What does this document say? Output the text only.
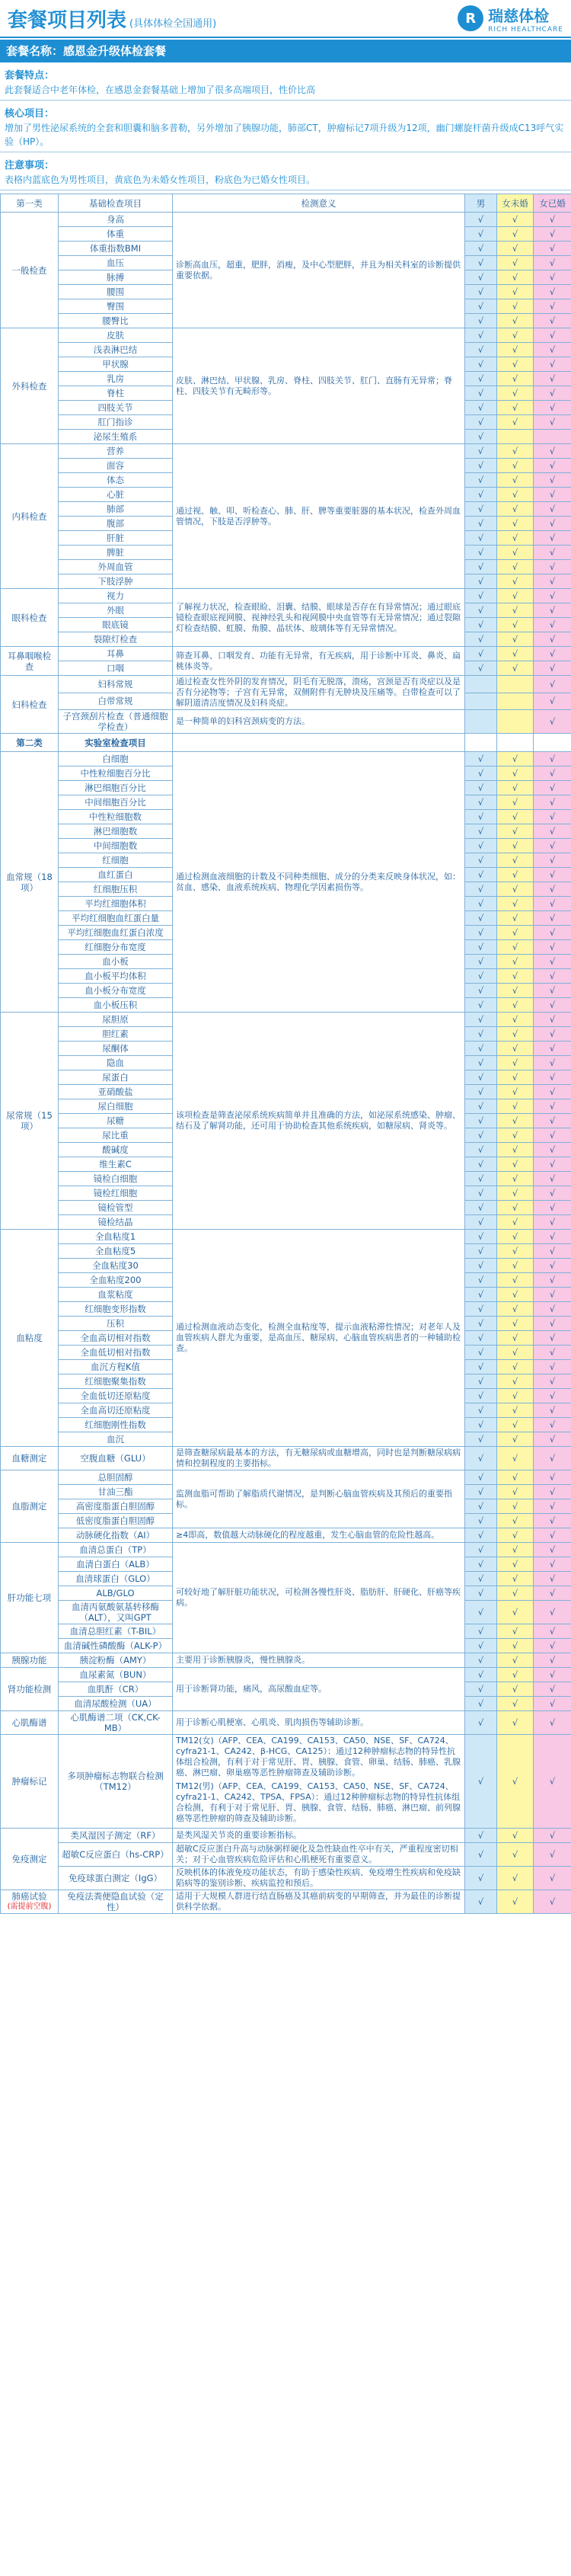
套餐项目列表 (具体体检全国通用)	R 瑞慈体检
RICH HEALTHCARE
套餐名称：感恩金升级体检套餐
套餐特点：
此套餐适合中老年体检，在感恩金套餐基础上增加了很多高端项目，性价比高
核心项目：
增加了男性泌尿系统的全套和胆囊和脑多普勒，另外增加了胰腺功能，肺部CT，肿瘤标记7项升级为12项，幽门螺旋杆菌升级成C13呼气实验（HP）。
注意事项：
表格内蓝底色为男性项目，黄底色为未婚女性项目，粉底色为已婚女性项目。
第一类	基础检查项目	检测意义	男	女未婚	女已婚
一般检查	身高	诊断高血压，超重，肥胖，消瘦，及中心型肥胖，并且为相关科室的诊断提供重要依据。	√	√	√
	体重		√	√	√
	体重指数BMI		√	√	√
	血压		√	√	√
	脉搏		√	√	√
	腰围		√	√	√
	臀围		√	√	√
	腰臀比		√	√	√
外科检查	皮肤	皮肤、淋巴结、甲状腺、乳房、脊柱、四肢关节、肛门、直肠有无异常；脊柱、四肢关节有无畸形等。	√	√	√
	浅表淋巴结		√	√	√
	甲状腺		√	√	√
	乳房		√	√	√
	脊柱		√	√	√
	四肢关节		√	√	√
	肛门指诊		√	√	√
	泌尿生殖系		√		
内科检查	营养	通过视、触、叩、听检查心、肺、肝、脾等重要脏器的基本状况，检查外周血管情况，下肢是否浮肿等。	√	√	√
	面容		√	√	√
	体态		√	√	√
	心脏		√	√	√
	肺部		√	√	√
	腹部		√	√	√
	肝脏		√	√	√
	脾脏		√	√	√
	外周血管		√	√	√
	下肢浮肿		√	√	√
眼科检查	视力	了解视力状况，检查眼睑、泪囊、结膜、眼球是否存在有异常情况；通过眼底镜检查眼底视网膜、视神经乳头和视网膜中央血管等有无异常情况；通过裂隙灯检查结膜、虹膜、角膜、晶状体、玻璃体等有无异常情况。	√	√	√
	外眼		√	√	√
	眼底镜		√	√	√
	裂隙灯检查		√	√	√
耳鼻咽喉检查	耳鼻	筛查耳鼻、口咽发育、功能有无异常，有无疾病，用于诊断中耳炎、鼻炎、扁桃体炎等。	√	√	√
	口咽		√	√	√
妇科检查	妇科常规	通过检查女性外阴的发育情况，阴毛有无脱落，溃疡，宫颈是否有炎症以及是否有分泌物等；子宫有无异常，双侧附件有无肿块及压痛等。白带检查可以了解阴道清洁度情况及妇科炎症。			√
	白带常规				√
	子宫颈刮片检查（普通细胞学检查）	是一种简单的妇科宫颈病变的方法。			√
第二类	实验室检查项目				
血常规（18项）	白细胞	通过检测血液细胞的计数及不同种类细胞、成分的分类来反映身体状况，如：贫血、感染、血液系统疾病、物理化学因素损伤等。	√	√	√
	中性粒细胞百分比		√	√	√
	淋巴细胞百分比		√	√	√
	中间细胞百分比		√	√	√
	中性粒细胞数		√	√	√
	淋巴细胞数		√	√	√
	中间细胞数		√	√	√
	红细胞		√	√	√
	血红蛋白		√	√	√
	红细胞压积		√	√	√
	平均红细胞体积		√	√	√
	平均红细胞血红蛋白量		√	√	√
	平均红细胞血红蛋白浓度		√	√	√
	红细胞分布宽度		√	√	√
	血小板		√	√	√
	血小板平均体积		√	√	√
	血小板分布宽度		√	√	√
	血小板压积		√	√	√
尿常规（15项）	尿胆原	该项检查是筛查泌尿系统疾病简单并且准确的方法，如泌尿系统感染、肿瘤、结石及了解肾功能，还可用于协助检查其他系统疾病，如糖尿病、肾炎等。	√	√	√
	胆红素		√	√	√
	尿酮体		√	√	√
	隐血		√	√	√
	尿蛋白		√	√	√
	亚硝酸盐		√	√	√
	尿白细胞		√	√	√
	尿糖		√	√	√
	尿比重		√	√	√
	酸碱度		√	√	√
	维生素C		√	√	√
	镜检白细胞		√	√	√
	镜检红细胞		√	√	√
	镜检管型		√	√	√
	镜检结晶		√	√	√
血粘度	全血粘度1	通过检测血液动态变化，检测全血粘度等，提示血液粘滞性情况；对老年人及血管疾病人群尤为重要，是高血压、糖尿病、心脑血管疾病患者的一种辅助检查。	√	√	√
	全血粘度5		√	√	√
	全血粘度30		√	√	√
	全血粘度200		√	√	√
	血浆粘度		√	√	√
	红细胞变形指数		√	√	√
	压积		√	√	√
	全血高切相对指数		√	√	√
	全血低切相对指数		√	√	√
	血沉方程K值		√	√	√
	红细胞聚集指数		√	√	√
	全血低切还原粘度		√	√	√
	全血高切还原粘度		√	√	√
	红细胞刚性指数		√	√	√
	血沉		√	√	√
血糖测定	空腹血糖（GLU）	是筛查糖尿病最基本的方法，有无糖尿病或血糖增高，同时也是判断糖尿病病情和控制程度的主要指标。	√	√	√
血脂测定	总胆固醇	监测血脂可帮助了解脂质代谢情况，是判断心脑血管疾病及其预后的重要指标。	√	√	√
	甘油三酯		√	√	√
	高密度脂蛋白胆固醇		√	√	√
	低密度脂蛋白胆固醇		√	√	√
	动脉硬化指数（AI）	≥4即高，数值越大动脉硬化的程度越重，发生心脑血管的危险性越高。	√	√	√
肝功能七项	血清总蛋白（TP）	可较好地了解肝脏功能状况，可检测各慢性肝炎、脂肪肝、肝硬化、肝癌等疾病。	√	√	√
	血清白蛋白（ALB）		√	√	√
	血清球蛋白（GLO）		√	√	√
	ALB/GLO		√	√	√
	血清丙氨酸氨基转移酶（ALT），又叫GPT		√	√	√
	血清总胆红素（T-BIL）		√	√	√
	血清碱性磷酸酶（ALK-P）		√	√	√
胰腺功能	胰淀粉酶（AMY）	主要用于诊断胰腺炎，慢性胰腺炎。	√	√	√
肾功能检测	血尿素氮（BUN）	用于诊断肾功能，痛风，高尿酸血症等。	√	√	√
	血肌酐（CR）		√	√	√
	血清尿酸检测（UA）		√	√	√
心肌酶谱	心肌酶谱二项（CK,CK-MB）	用于诊断心肌梗塞、心肌炎、肌肉损伤等辅助诊断。	√	√	√
肿瘤标记	多项肿瘤标志物联合检测（TM12）	TM12(女)（AFP、CEA、CA199、CA153、CA50、NSE、SF、CA724、cyfra21-1、CA242、β-HCG、CA125）：通过12种肿瘤标志物的特异性抗体组合检测，有利于对于常见肝、胃、胰腺、食管、卵巢、结肠、肺癌、乳腺癌、淋巴瘤、卵巢癌等恶性肿瘤筛查及辅助诊断。
TM12(男)（AFP、CEA、CA199、CA153、CA50、NSE、SF、CA724、cyfra21-1、CA242、TPSA、FPSA）：通过12种肿瘤标志物的特异性抗体组合检测，有利于对于常见肝、胃、胰腺、食管、结肠、肺癌、淋巴瘤、前列腺癌等恶性肿瘤的筛查及辅助诊断。	√	√	√
免疫测定	类风湿因子测定（RF）	是类风湿关节炎的重要诊断指标。	√	√	√
	超敏C反应蛋白（hs-CRP）	超敏C反应蛋白升高与动脉粥样硬化及急性缺血性卒中有关，严重程度密切相关；对于心血管疾病危险评估和心肌梗死有重要意义。	√	√	√
	免疫球蛋白测定（IgG）	反映机体的体液免疫功能状态，有助于感染性疾病、免疫增生性疾病和免疫缺陷病等的鉴别诊断、疾病监控和预后。	√	√	√
肺癌试验
(需提前空腹)	免疫法粪便隐血试验（定性）	适用于大规模人群进行结直肠癌及其癌前病变的早期筛查，并为最佳的诊断提供科学依据。	√	√	√
